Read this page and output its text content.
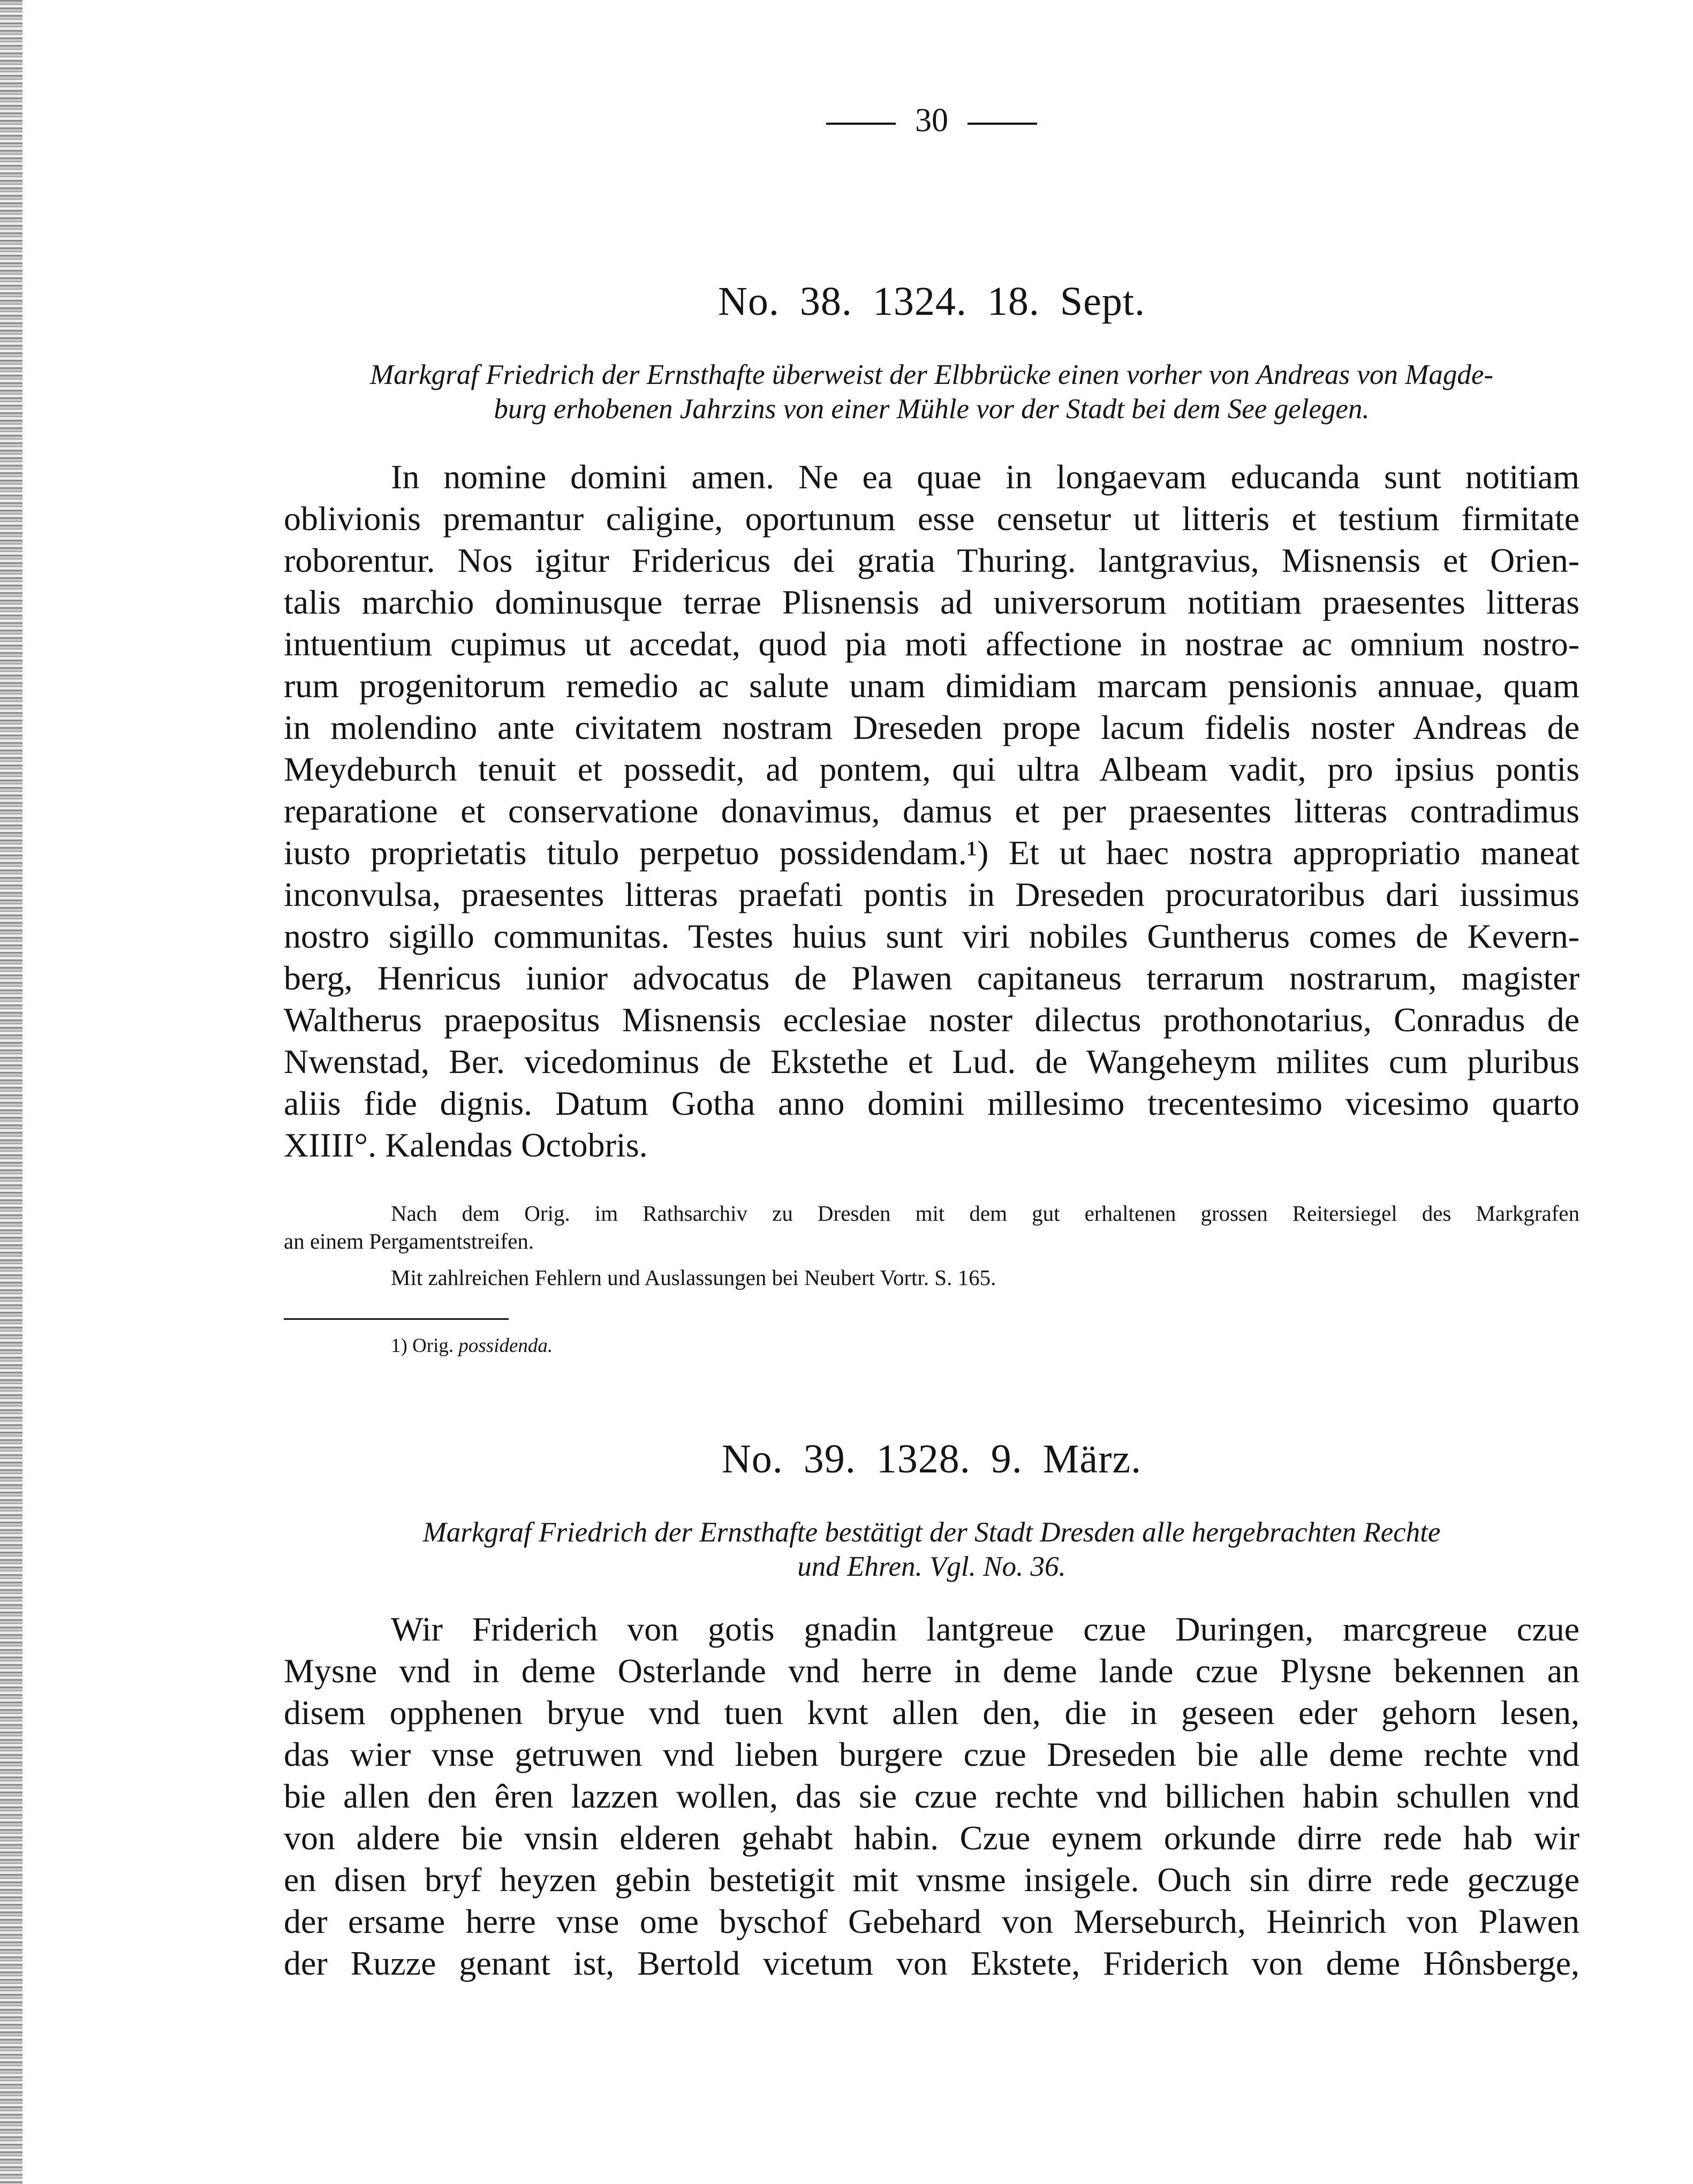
30
No. 38. 1324. 18. Sept.
Markgraf Friedrich der Ernsthafte überweist der Elbbrücke einen vorher von Andreas von Magde-
burg erhobenen Jahrzins von einer Mühle vor der Stadt bei dem See gelegen.
In nomine domini amen. Ne ea quae in longaevam educanda sunt notitiam
oblivionis premantur caligine, oportunum esse censetur ut litteris et testium firmitate
roborentur. Nos igitur Fridericus dei gratia Thuring. lantgravius, Misnensis et Orien-
talis marchio dominusque terrae Plisnensis ad universorum notitiam praesentes litteras
intuentium cupimus ut accedat, quod pia moti affectione in nostrae ac omnium nostro-
rum progenitorum remedio ac salute unam dimidiam marcam pensionis annuae, quam
in molendino ante civitatem nostram Dreseden prope lacum fidelis noster Andreas de
Meydeburch tenuit et possedit, ad pontem, qui ultra Albeam vadit, pro ipsius pontis
reparatione et conservatione donavimus, damus et per praesentes litteras contradimus
iusto proprietatis titulo perpetuo possidendam.¹) Et ut haec nostra appropriatio maneat
inconvulsa, praesentes litteras praefati pontis in Dreseden procuratoribus dari iussimus
nostro sigillo communitas. Testes huius sunt viri nobiles Guntherus comes de Kevern-
berg, Henricus iunior advocatus de Plawen capitaneus terrarum nostrarum, magister
Waltherus praepositus Misnensis ecclesiae noster dilectus prothonotarius, Conradus de
Nwenstad, Ber. vicedominus de Ekstethe et Lud. de Wangeheym milites cum pluribus
aliis fide dignis. Datum Gotha anno domini millesimo trecentesimo vicesimo quarto
XIIII°. Kalendas Octobris.
Nach dem Orig. im Rathsarchiv zu Dresden mit dem gut erhaltenen grossen Reitersiegel des Markgrafen
an einem Pergamentstreifen.
Mit zahlreichen Fehlern und Auslassungen bei Neubert Vortr. S. 165.
1) Orig. possidenda.
No. 39. 1328. 9. März.
Markgraf Friedrich der Ernsthafte bestätigt der Stadt Dresden alle hergebrachten Rechte
und Ehren. Vgl. No. 36.
Wir Friderich von gotis gnadin lantgreue czue Duringen, marcgreue czue
Mysne vnd in deme Osterlande vnd herre in deme lande czue Plysne bekennen an
disem opphenen bryue vnd tuen kvnt allen den, die in geseen eder gehorn lesen,
das wier vnse getruwen vnd lieben burgere czue Dreseden bie alle deme rechte vnd
bie allen den êren lazzen wollen, das sie czue rechte vnd billichen habin schullen vnd
von aldere bie vnsin elderen gehabt habin. Czue eynem orkunde dirre rede hab wir
en disen bryf heyzen gebin bestetigit mit vnsme insigele. Ouch sin dirre rede geczuge
der ersame herre vnse ome byschof Gebehard von Merseburch, Heinrich von Plawen
der Ruzze genant ist, Bertold vicetum von Ekstete, Friderich von deme Hônsberge,
